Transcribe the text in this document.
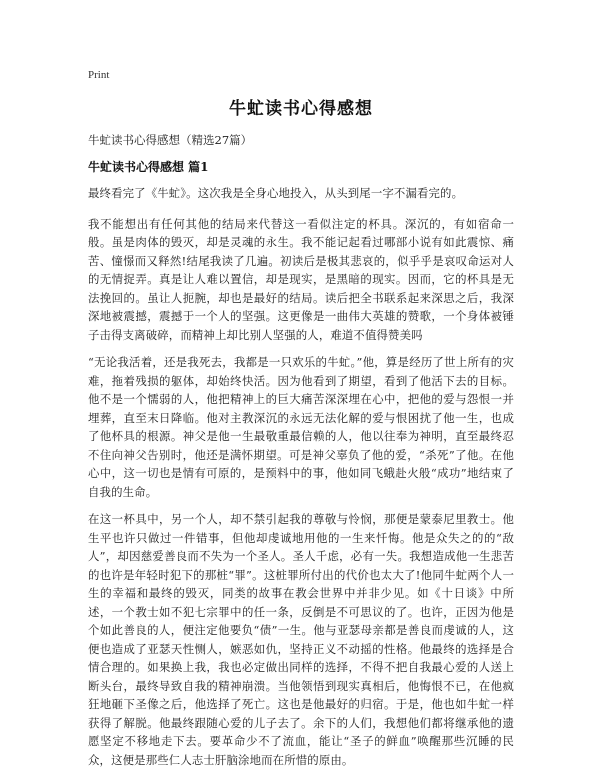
Print
牛虻读书心得感想
牛虻读书心得感想（精选27篇）
牛虻读书心得感想 篇1

最终看完了《牛虻》。这次我是全身心地投入，从头到尾一字不漏看完的。

我不能想出有任何其他的结局来代替这一看似注定的杯具。深沉的，有如宿命一般。虽是肉体的毁灭，却是灵魂的永生。我不能记起看过哪部小说有如此震惊、痛苦、憧憬而又释然!结尾我读了几遍。初读后是极其悲哀的，似乎乎是哀叹命运对人的无情捉弄。真是让人难以置信，却是现实，是黑暗的现实。因而，它的杯具是无法挽回的。虽让人扼腕，却也是最好的结局。读后把全书联系起来深思之后，我深深地被震撼，震撼于一个人的坚强。这更像是一曲伟大英雄的赞歌，一个身体被锤子击得支离破碎，而精神上却比别人坚强的人，难道不值得赞美吗

“无论我活着，还是我死去，我都是一只欢乐的牛虻。”他，算是经历了世上所有的灾难，拖着残损的躯体，却始终快活。因为他看到了期望，看到了他活下去的目标。他不是一个懦弱的人，他把精神上的巨大痛苦深深埋在心中，把他的爱与怨恨一并埋葬，直至末日降临。他对主教深沉的永远无法化解的爱与恨困扰了他一生，也成了他杯具的根源。神父是他一生最敬重最信赖的人，他以往奉为神明，直至最终忍不住向神父告别时，他还是满怀期望。可是神父辜负了他的爱，“杀死”了他。在他心中，这一切也是情有可原的，是预料中的事，他如同飞蛾赴火般“成功”地结束了自我的生命。

在这一杯具中，另一个人，却不禁引起我的尊敬与怜悯，那便是蒙泰尼里教士。他生平也许只做过一件错事，但他却虔诚地用他的一生来忏悔。他是众失之的的“敌人”，却因慈爱善良而不失为一个圣人。圣人千虑，必有一失。我想造成他一生悲苦的也许是年轻时犯下的那桩“罪”。这桩罪所付出的代价也太大了!他同牛虻两个人一生的幸福和最终的毁灭，同类的故事在教会世界中并非少见。如《十日谈》中所述，一个教士如不犯七宗罪中的任一条，反倒是不可思议的了。也许，正因为他是个如此善良的人，便注定他要负“债”一生。他与亚瑟母亲都是善良而虔诚的人，这便也造成了亚瑟天性恻人，嫉恶如仇，坚持正义不动摇的性格。他最终的选择是合情合理的。如果换上我，我也必定做出同样的选择，不得不把自我最心爱的人送上断头台，最终导致自我的精神崩溃。当他领悟到现实真相后，他悔恨不已，在他疯狂地砸下圣像之后，他选择了死亡。这也是他最好的归宿。于是，他也如牛虻一样获得了解脱。他最终跟随心爱的儿子去了。余下的人们，我想他们都将继承他的遗愿坚定不移地走下去。要革命少不了流血，能让“圣子的鲜血”唤醒那些沉睡的民众，这便是那些仁人志士肝脑涂地而在所惜的原由。
